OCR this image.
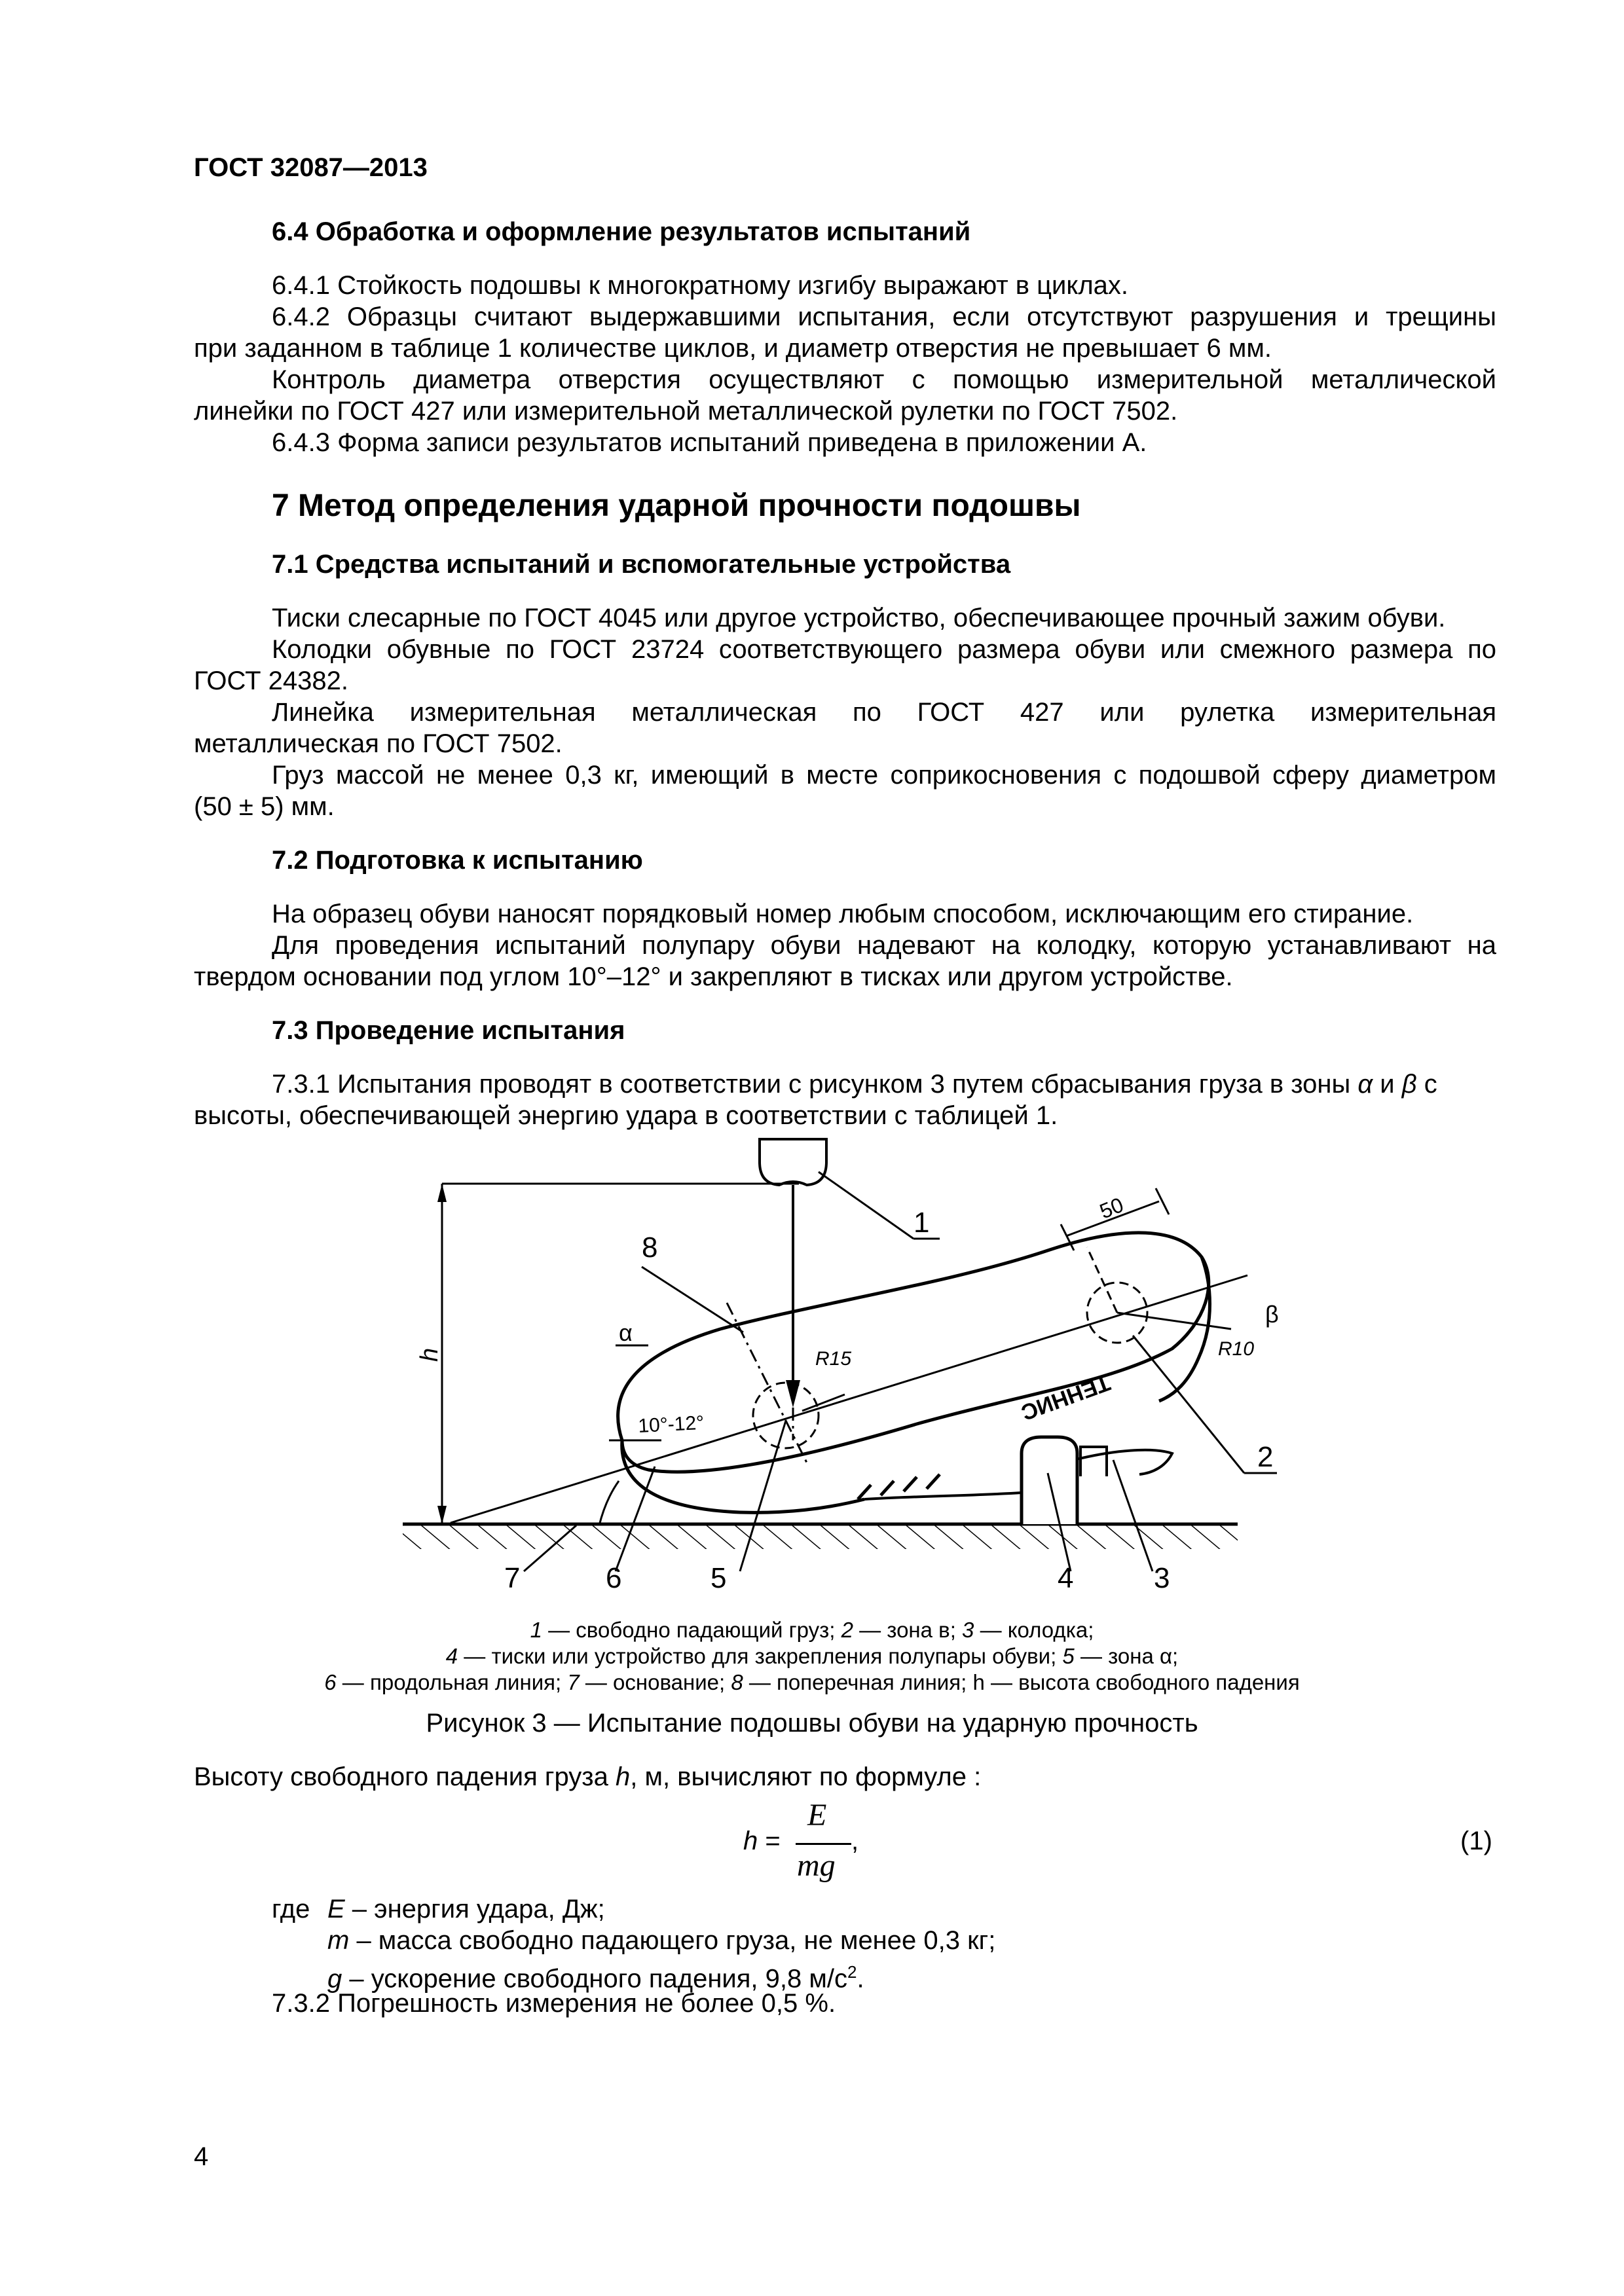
ГОСТ 32087—2013
6.4 Обработка и оформление результатов испытаний
6.4.1 Стойкость подошвы к многократному изгибу выражают в циклах.
6.4.2 Образцы считают выдержавшими испытания, если отсутствуют разрушения и трещины
при заданном в таблице 1 количестве циклов, и диаметр отверстия не превышает 6 мм.
Контроль диаметра отверстия осуществляют с помощью измерительной металлической
линейки по ГОСТ 427 или измерительной металлической рулетки по ГОСТ 7502.
6.4.3 Форма записи результатов испытаний приведена в приложении А.
7 Метод определения ударной прочности подошвы
7.1 Средства испытаний и вспомогательные устройства
Тиски слесарные по ГОСТ 4045 или другое устройство, обеспечивающее прочный зажим обуви.
Колодки обувные по ГОСТ 23724 соответствующего размера обуви или смежного размера по
ГОСТ 24382.
Линейка измерительная металлическая по ГОСТ 427 или рулетка измерительная
металлическая по ГОСТ 7502.
Груз массой не менее 0,3 кг, имеющий в месте соприкосновения с подошвой сферу диаметром
(50 ± 5) мм.
7.2 Подготовка к испытанию
На образец обуви наносят порядковый номер любым способом, исключающим его стирание.
Для проведения испытаний полупару обуви надевают на колодку, которую устанавливают на
твердом основании под углом 10°–12° и закрепляют в тисках или другом устройстве.
7.3 Проведение испытания
7.3.1 Испытания проводят в соответствии с рисунком 3 путем сбрасывания груза в зоны α и β с
высоты, обеспечивающей энергию удара в соответствии с таблицей 1.
1
2
3
4
5
6
7
8
h
α
β
R15	R10
10°-12°
50
ТЕННИС
1 — свободно падающий груз; 2 — зона в; 3 — колодка;
4 — тиски или устройство для закрепления полупары обуви; 5 — зона α;
6 — продольная линия; 7 — основание; 8 — поперечная линия; h — высота свободного падения
Рисунок 3 — Испытание подошвы обуви на ударную прочность
Высоту свободного падения груза h, м, вычисляют по формуле :
h =
E
mg
,	(1)
где E – энергия удара, Дж;
m – масса свободно падающего груза, не менее 0,3 кг;
g – ускорение свободного падения, 9,8 $м/с^2$.
7.3.2 Погрешность измерения не более 0,5 %.
4
